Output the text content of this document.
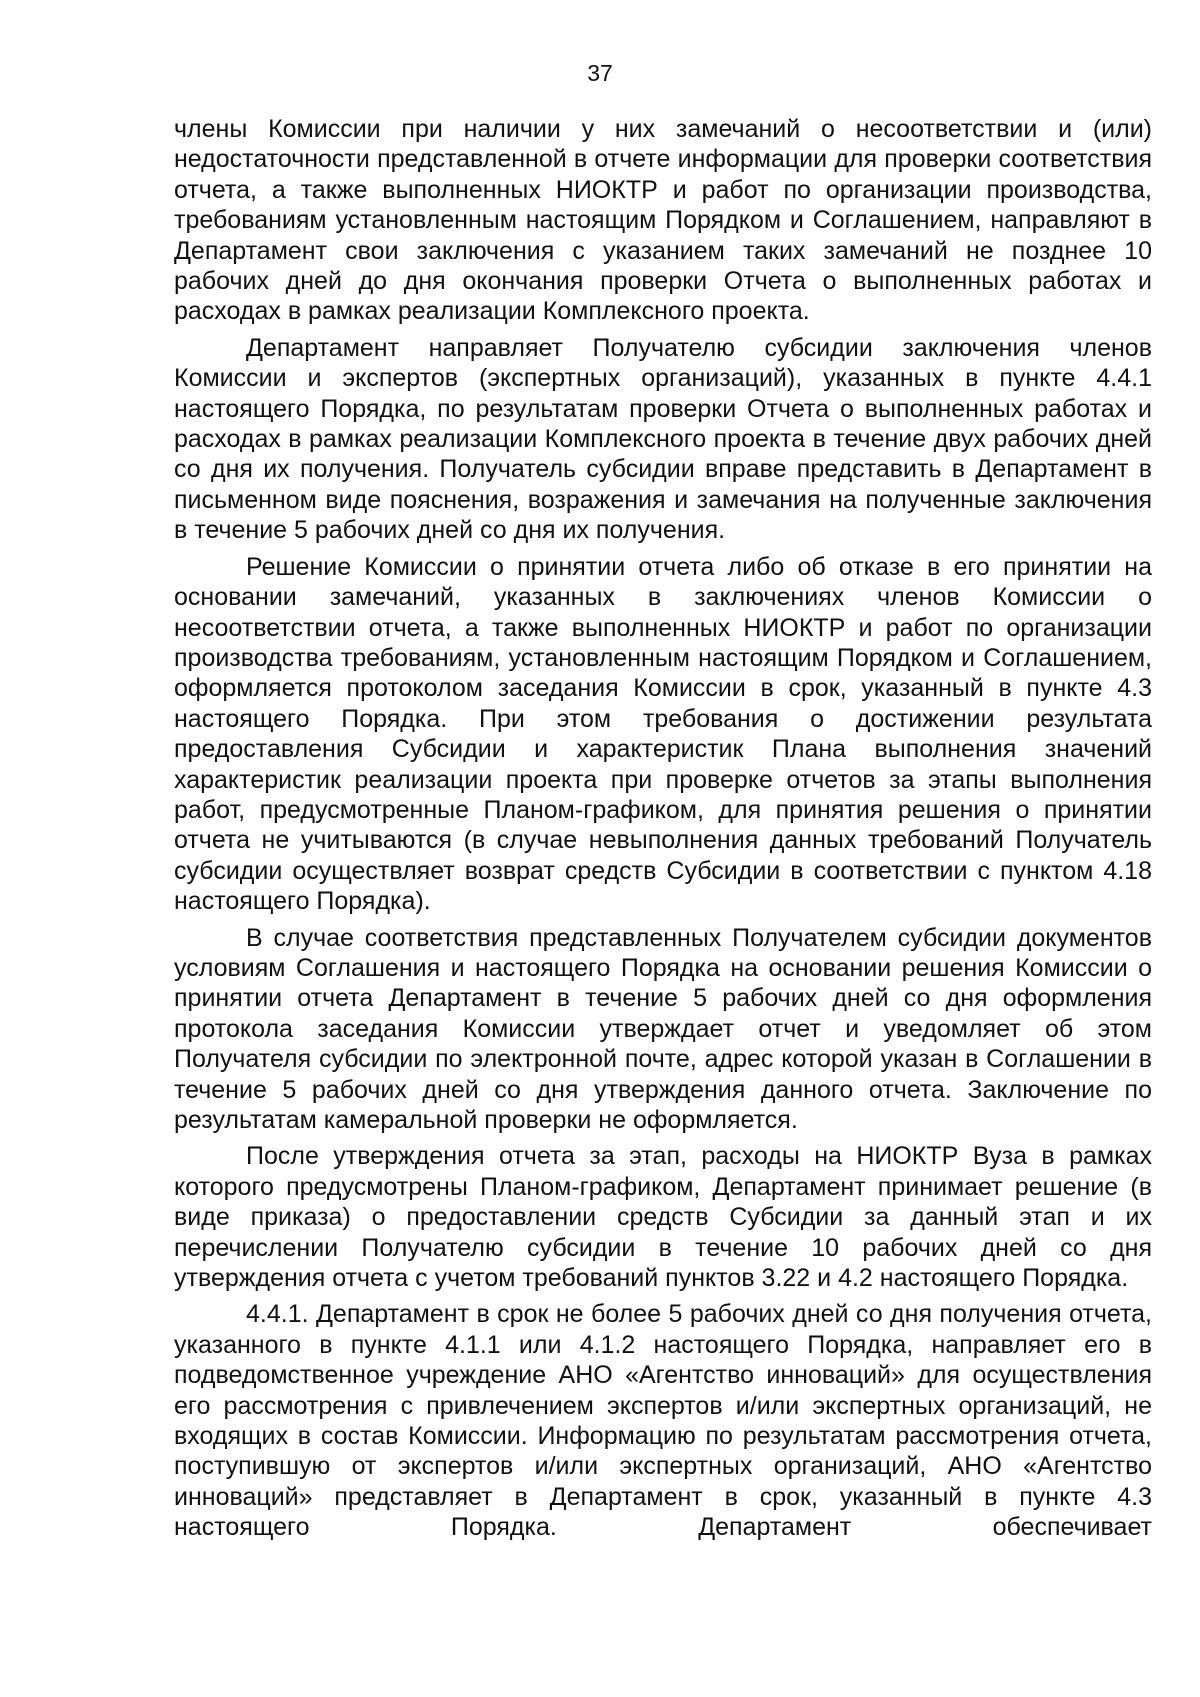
37

члены Комиссии при наличии у них замечаний о несоответствии и (или) недостаточности представленной в отчете информации для проверки соответствия отчета, а также выполненных НИОКТР и работ по организации производства, требованиям установленным настоящим Порядком и Соглашением, направляют в Департамент свои заключения с указанием таких замечаний не позднее 10 рабочих дней до дня окончания проверки Отчета о выполненных работах и расходах в рамках реализации Комплексного проекта.

Департамент направляет Получателю субсидии заключения членов Комиссии и экспертов (экспертных организаций), указанных в пункте 4.4.1 настоящего Порядка, по результатам проверки Отчета о выполненных работах и расходах в рамках реализации Комплексного проекта в течение двух рабочих дней со дня их получения. Получатель субсидии вправе представить в Департамент в письменном виде пояснения, возражения и замечания на полученные заключения в течение 5 рабочих дней со дня их получения.

Решение Комиссии о принятии отчета либо об отказе в его принятии на основании замечаний, указанных в заключениях членов Комиссии о несоответствии отчета, а также выполненных НИОКТР и работ по организации производства требованиям, установленным настоящим Порядком и Соглашением, оформляется протоколом заседания Комиссии в срок, указанный в пункте 4.3 настоящего Порядка. При этом требования о достижении результата предоставления Субсидии и характеристик Плана выполнения значений характеристик реализации проекта при проверке отчетов за этапы выполнения работ, предусмотренные Планом-графиком, для принятия решения о принятии отчета не учитываются (в случае невыполнения данных требований Получатель субсидии осуществляет возврат средств Субсидии в соответствии с пунктом 4.18 настоящего Порядка).

В случае соответствия представленных Получателем субсидии документов условиям Соглашения и настоящего Порядка на основании решения Комиссии о принятии отчета Департамент в течение 5 рабочих дней со дня оформления протокола заседания Комиссии утверждает отчет и уведомляет об этом Получателя субсидии по электронной почте, адрес которой указан в Соглашении в течение 5 рабочих дней со дня утверждения данного отчета. Заключение по результатам камеральной проверки не оформляется.

После утверждения отчета за этап, расходы на НИОКТР Вуза в рамках которого предусмотрены Планом-графиком, Департамент принимает решение (в виде приказа) о предоставлении средств Субсидии за данный этап и их перечислении Получателю субсидии в течение 10 рабочих дней со дня утверждения отчета с учетом требований пунктов 3.22 и 4.2 настоящего Порядка.

4.4.1. Департамент в срок не более 5 рабочих дней со дня получения отчета, указанного в пункте 4.1.1 или 4.1.2 настоящего Порядка, направляет его в подведомственное учреждение АНО «Агентство инноваций» для осуществления его рассмотрения с привлечением экспертов и/или экспертных организаций, не входящих в состав Комиссии. Информацию по результатам рассмотрения отчета, поступившую от экспертов и/или экспертных организаций, АНО «Агентство инноваций» представляет в Департамент в срок, указанный в пункте 4.3 настоящего Порядка. Департамент обеспечивает
